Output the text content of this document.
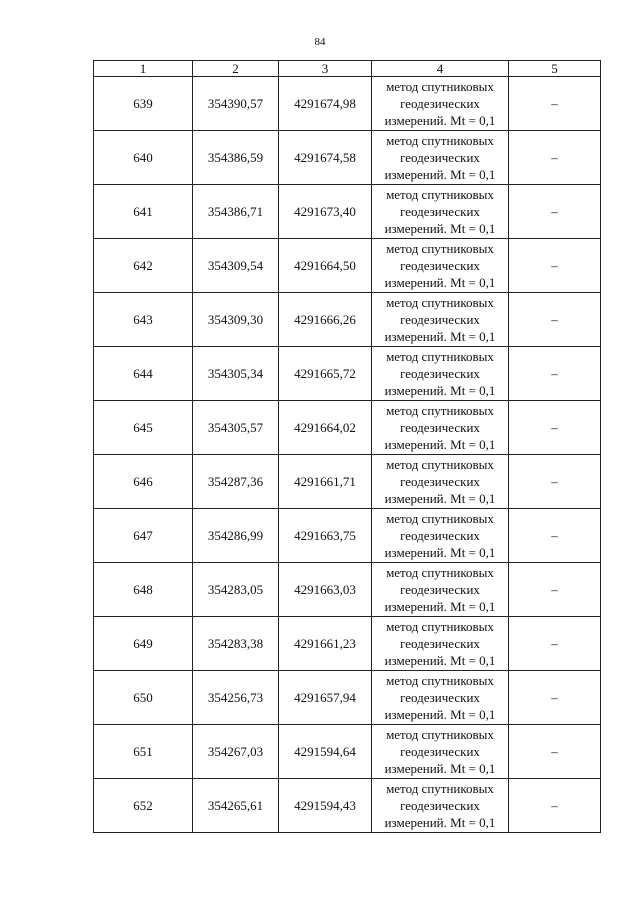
84
1	2	3	4	5
639	354390,57	4291674,98	метод спутниковых
геодезических
измерений. Mt = 0,1	–
640	354386,59	4291674,58	метод спутниковых
геодезических
измерений. Mt = 0,1	–
641	354386,71	4291673,40	метод спутниковых
геодезических
измерений. Mt = 0,1	–
642	354309,54	4291664,50	метод спутниковых
геодезических
измерений. Mt = 0,1	–
643	354309,30	4291666,26	метод спутниковых
геодезических
измерений. Mt = 0,1	–
644	354305,34	4291665,72	метод спутниковых
геодезических
измерений. Mt = 0,1	–
645	354305,57	4291664,02	метод спутниковых
геодезических
измерений. Mt = 0,1	–
646	354287,36	4291661,71	метод спутниковых
геодезических
измерений. Mt = 0,1	–
647	354286,99	4291663,75	метод спутниковых
геодезических
измерений. Mt = 0,1	–
648	354283,05	4291663,03	метод спутниковых
геодезических
измерений. Mt = 0,1	–
649	354283,38	4291661,23	метод спутниковых
геодезических
измерений. Mt = 0,1	–
650	354256,73	4291657,94	метод спутниковых
геодезических
измерений. Mt = 0,1	–
651	354267,03	4291594,64	метод спутниковых
геодезических
измерений. Mt = 0,1	–
652	354265,61	4291594,43	метод спутниковых
геодезических
измерений. Mt = 0,1	–
